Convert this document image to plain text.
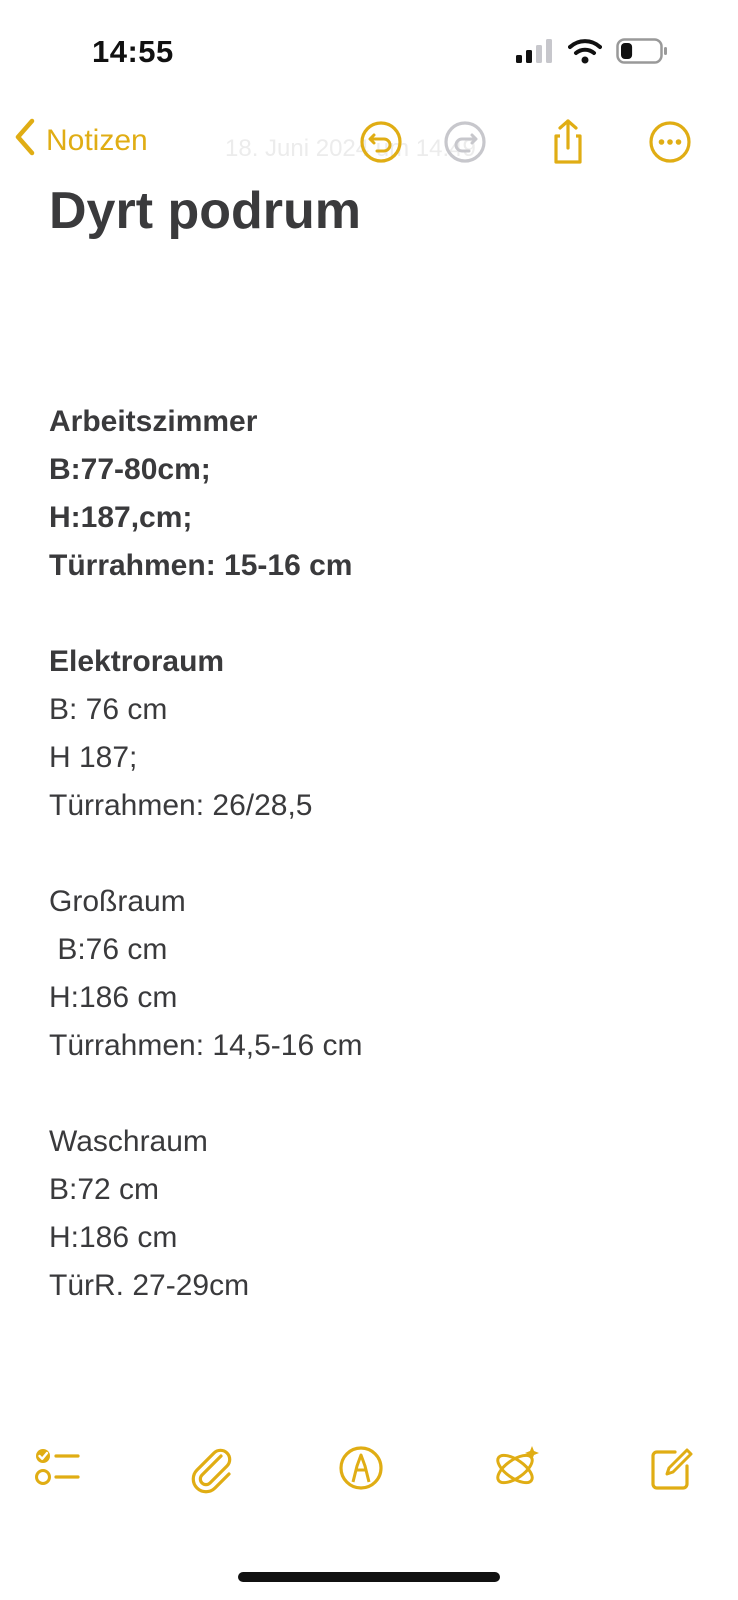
14:55
Notizen	18. Juni 2024 um 14:49
Dyrt podrum
Arbeitszimmer
B:77-80cm;
H:187,cm;
Türrahmen: 15-16 cm
Elektroraum
B: 76 cm
H 187;
Türrahmen: 26/28,5
Großraum
B:76 cm
H:186 cm
Türrahmen: 14,5-16 cm
Waschraum
B:72 cm
H:186 cm
TürR. 27-29cm
